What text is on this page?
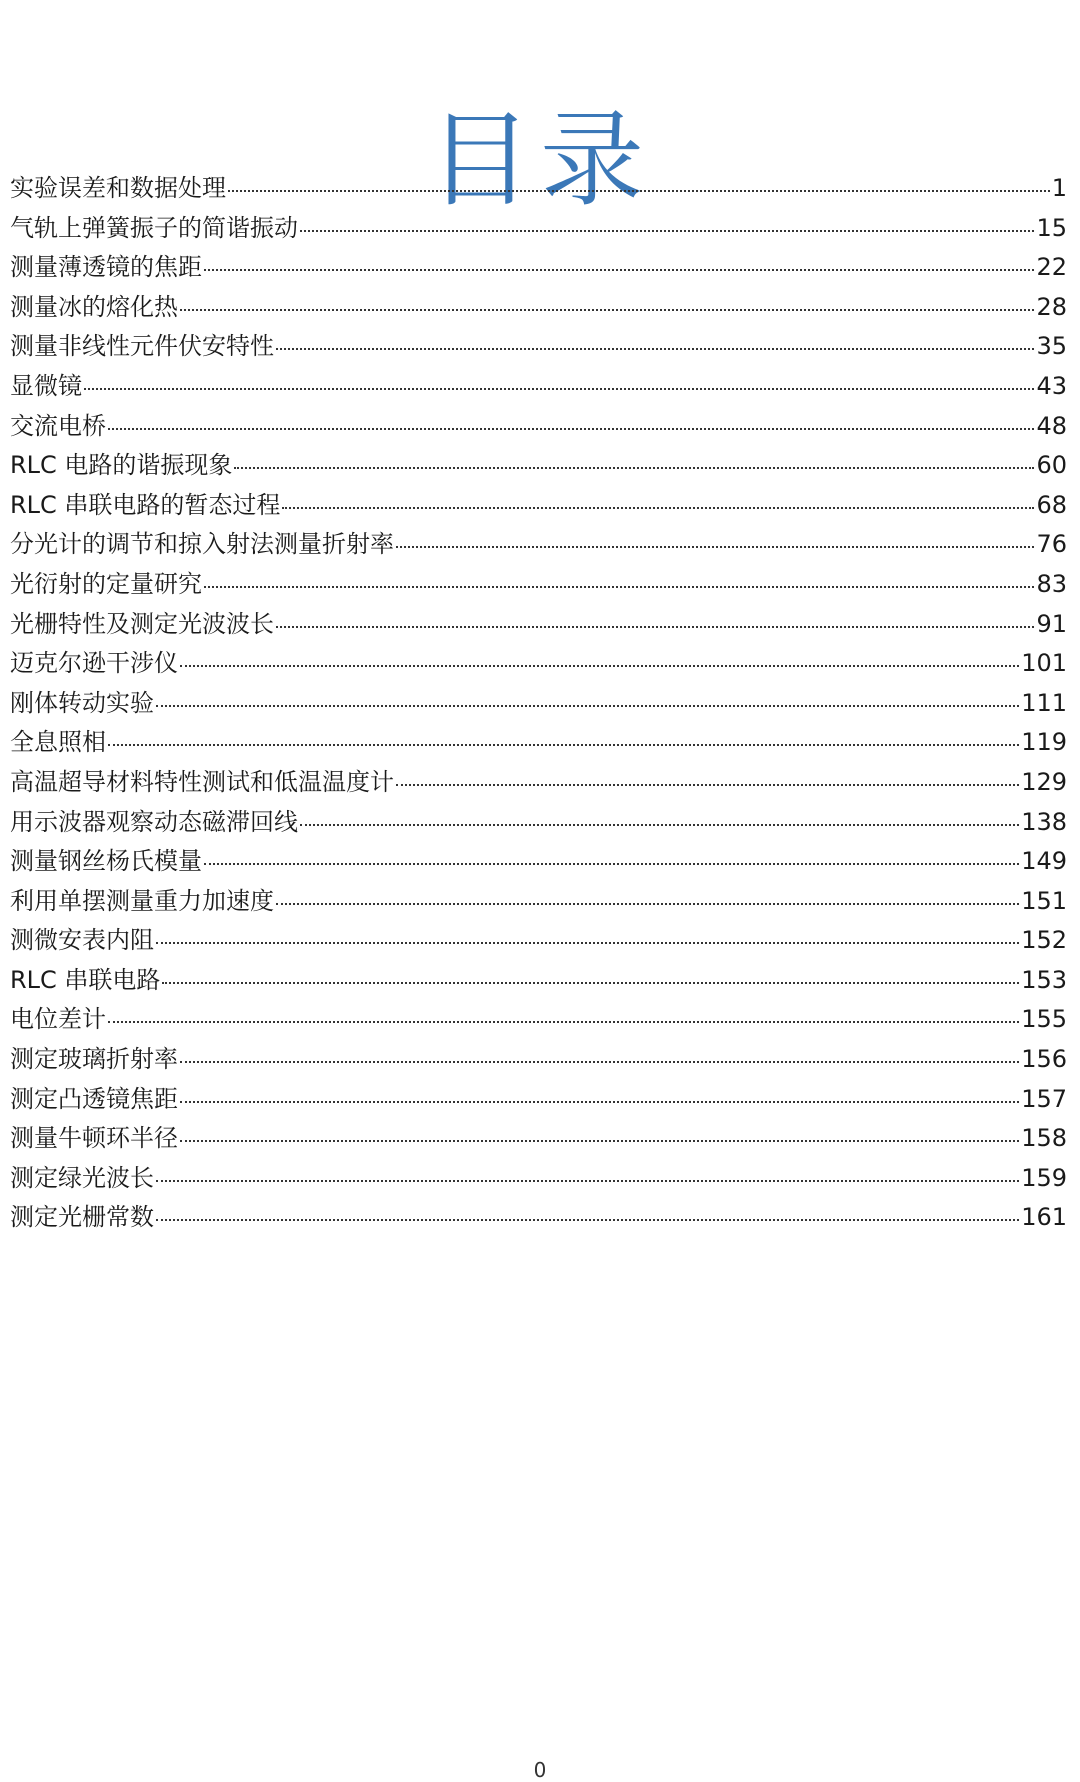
目录
实验误差和数据处理	1
气轨上弹簧振子的简谐振动	15
测量薄透镜的焦距	22
测量冰的熔化热	28
测量非线性元件伏安特性	35
显微镜	43
交流电桥	48
RLC 电路的谐振现象	60
RLC 串联电路的暂态过程	68
分光计的调节和掠入射法测量折射率	76
光衍射的定量研究	83
光栅特性及测定光波波长	91
迈克尔逊干涉仪	101
刚体转动实验	111
全息照相	119
高温超导材料特性测试和低温温度计	129
用示波器观察动态磁滞回线	138
测量钢丝杨氏模量	149
利用单摆测量重力加速度	151
测微安表内阻	152
RLC 串联电路	153
电位差计	155
测定玻璃折射率	156
测定凸透镜焦距	157
测量牛顿环半径	158
测定绿光波长	159
测定光栅常数	161
0
